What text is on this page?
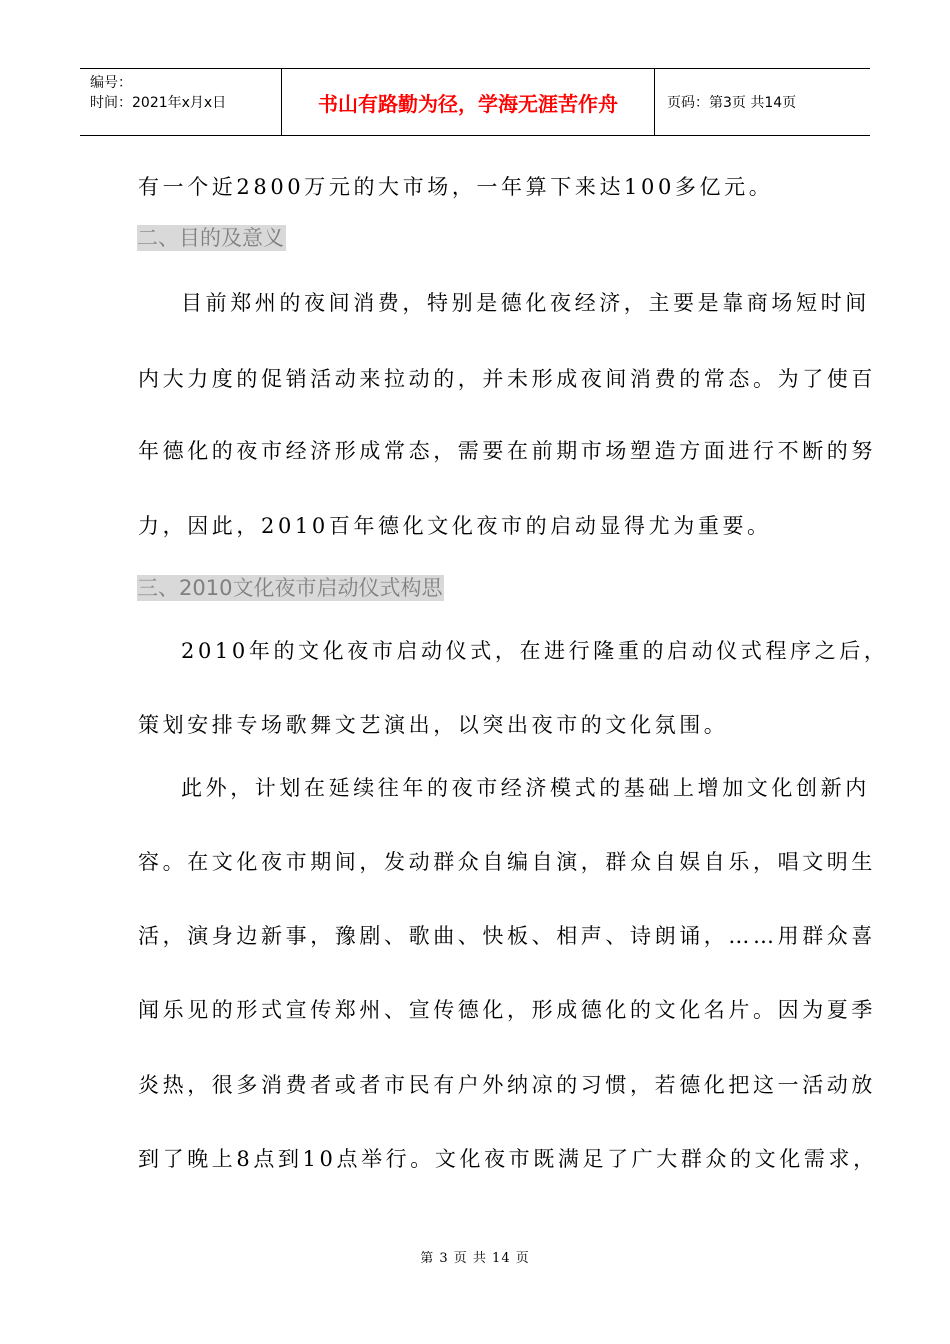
编号：
时间：2021年x月x日	书山有路勤为径，学海无涯苦作舟	页码：第3页 共14页
有一个近2800万元的大市场，一年算下来达100多亿元。
二、目的及意义
目前郑州的夜间消费，特别是德化夜经济，主要是靠商场短时间
内大力度的促销活动来拉动的，并未形成夜间消费的常态。为了使百
年德化的夜市经济形成常态，需要在前期市场塑造方面进行不断的努
力，因此，2010百年德化文化夜市的启动显得尤为重要。
三、2010文化夜市启动仪式构思
2010年的文化夜市启动仪式，在进行隆重的启动仪式程序之后，
策划安排专场歌舞文艺演出，以突出夜市的文化氛围。
此外，计划在延续往年的夜市经济模式的基础上增加文化创新内
容。在文化夜市期间，发动群众自编自演，群众自娱自乐，唱文明生
活，演身边新事，豫剧、歌曲、快板、相声、诗朗诵，……用群众喜
闻乐见的形式宣传郑州、宣传德化，形成德化的文化名片。因为夏季
炎热，很多消费者或者市民有户外纳凉的习惯，若德化把这一活动放
到了晚上8点到10点举行。文化夜市既满足了广大群众的文化需求，
第 3 页 共 14 页
